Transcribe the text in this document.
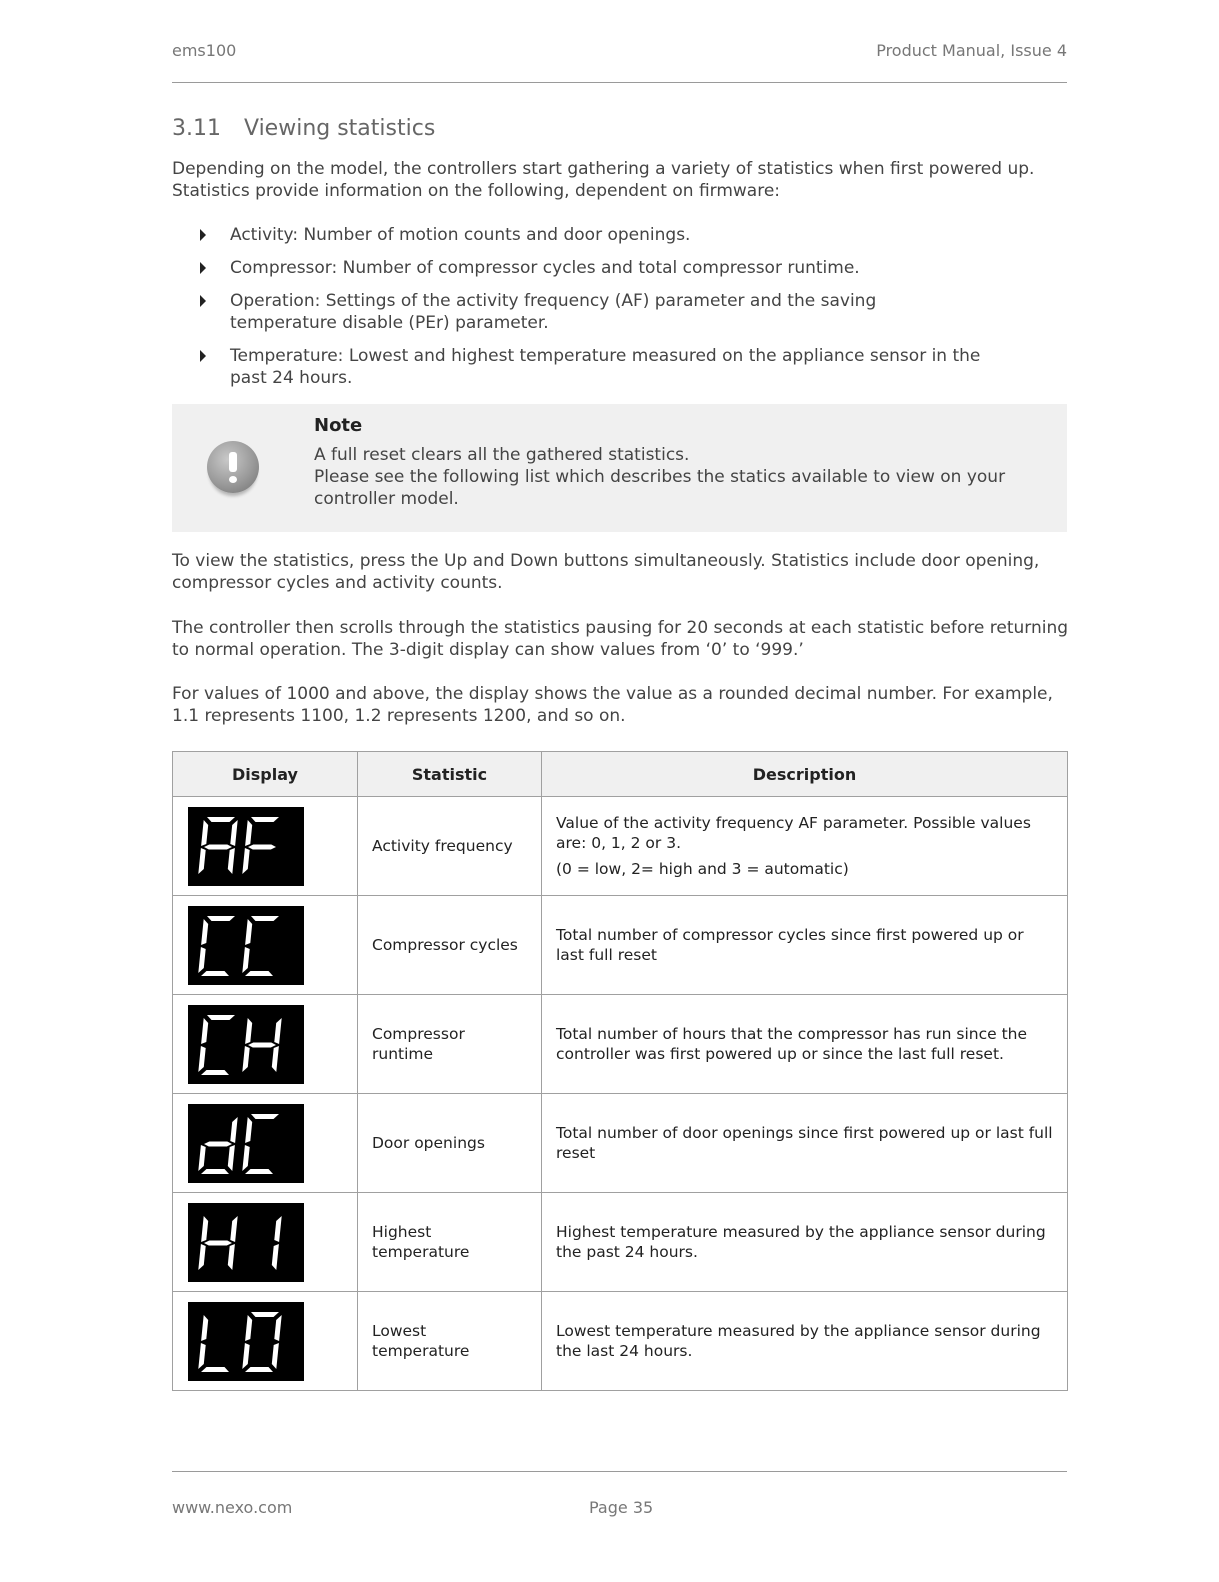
ems100	Product Manual, Issue 4
3.11 Viewing statistics

Depending on the model, the controllers start gathering a variety of statistics when first powered up. Statistics provide information on the following, dependent on firmware:

Activity: Number of motion counts and door openings.
Compressor: Number of compressor cycles and total compressor runtime.
Operation: Settings of the activity frequency (AF) parameter and the saving temperature disable (PEr) parameter.
Temperature: Lowest and highest temperature measured on the appliance sensor in the past 24 hours.
Note
A full reset clears all the gathered statistics.
Please see the following list which describes the statics available to view on your controller model.

To view the statistics, press the Up and Down buttons simultaneously. Statistics include door opening, compressor cycles and activity counts.

The controller then scrolls through the statistics pausing for 20 seconds at each statistic before returning to normal operation. The 3-digit display can show values from ‘0’ to ‘999.’

For values of 1000 and above, the display shows the value as a rounded decimal number. For example, 1.1 represents 1100, 1.2 represents 1200, and so on.

Display	Statistic	Description

	Activity frequency	Value of the activity frequency AF parameter. Possible values are: 0, 1, 2 or 3.

(0 = low, 2= high and 3 = automatic)

	Compressor cycles	Total number of compressor cycles since first powered up or last full reset

	Compressor runtime	Total number of hours that the compressor has run since the controller was first powered up or since the last full reset.

	Door openings	Total number of door openings since first powered up or last full reset

	Highest temperature	Highest temperature measured by the appliance sensor during the past 24 hours.

	Lowest temperature	Lowest temperature measured by the appliance sensor during the last 24 hours.

www.nexo.com	Page 35
